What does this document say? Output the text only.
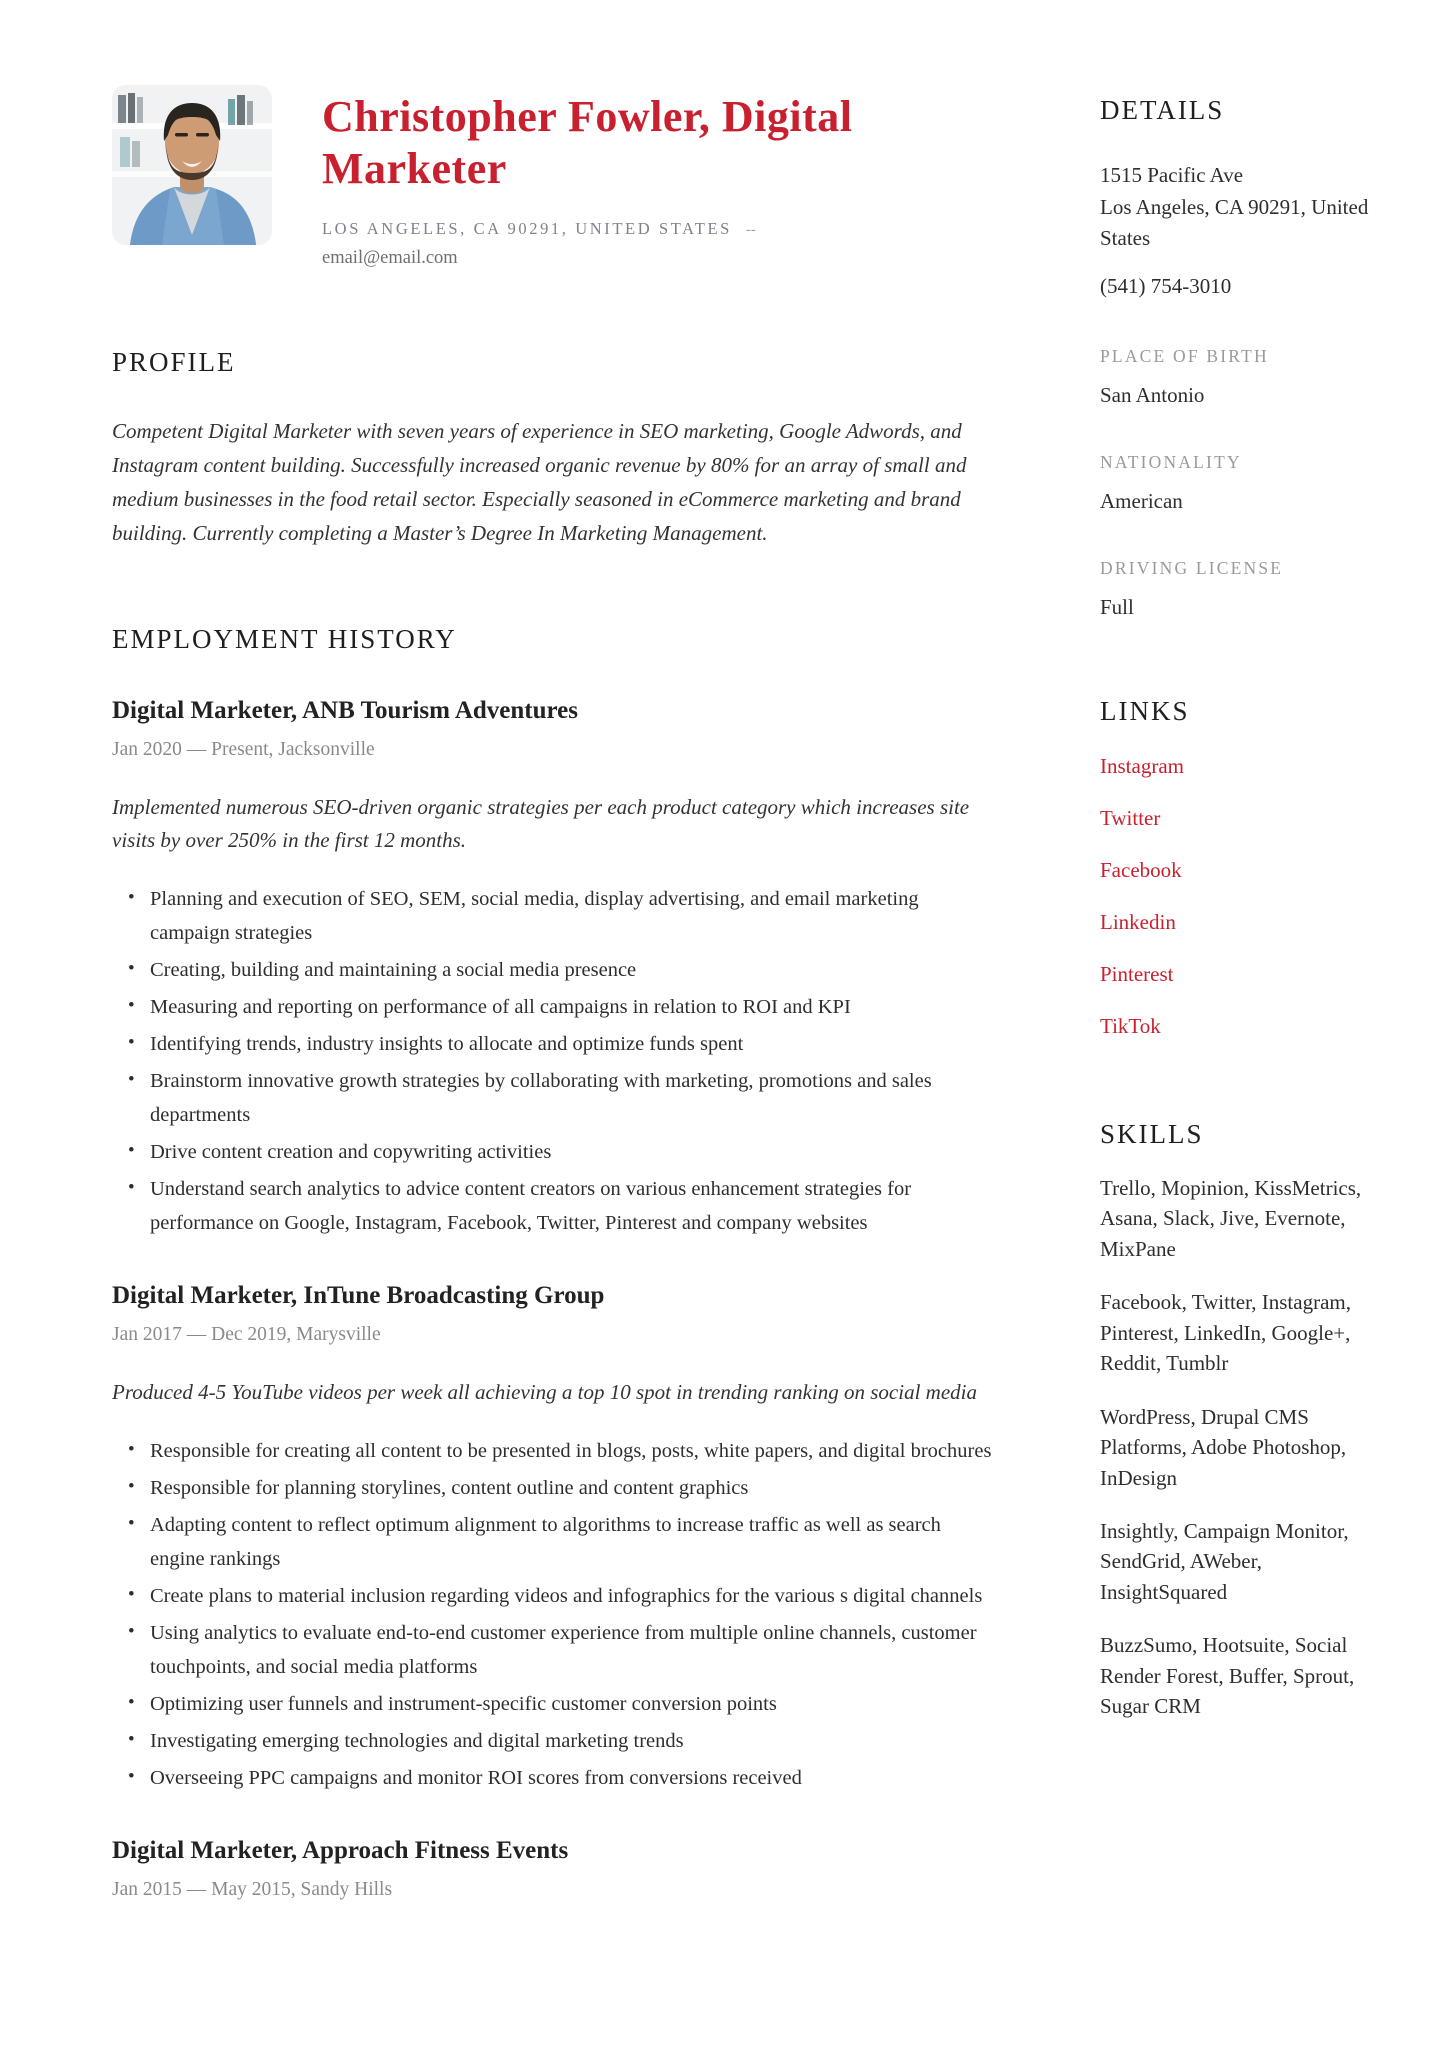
Christopher Fowler, Digital Marketer
LOS ANGELES, CA 90291, UNITED STATES --
email@email.com
PROFILE

Competent Digital Marketer with seven years of experience in SEO marketing, Google Adwords, and Instagram content building. Successfully increased organic revenue by 80% for an array of small and medium businesses in the food retail sector. Especially seasoned in eCommerce marketing and brand building. Currently completing a Master’s Degree In Marketing Management.

EMPLOYMENT HISTORY
Digital Marketer, ANB Tourism Adventures
Jan 2020 — Present, Jacksonville

Implemented numerous SEO-driven organic strategies per each product category which increases site visits by over 250% in the first 12 months.

• Planning and execution of SEO, SEM, social media, display advertising, and email marketing campaign strategies
• Creating, building and maintaining a social media presence
• Measuring and reporting on performance of all campaigns in relation to ROI and KPI
• Identifying trends, industry insights to allocate and optimize funds spent
• Brainstorm innovative growth strategies by collaborating with marketing, promotions and sales departments
• Drive content creation and copywriting activities
• Understand search analytics to advice content creators on various enhancement strategies for performance on Google, Instagram, Facebook, Twitter, Pinterest and company websites
Digital Marketer, InTune Broadcasting Group
Jan 2017 — Dec 2019, Marysville

Produced 4-5 YouTube videos per week all achieving a top 10 spot in trending ranking on social media

• Responsible for creating all content to be presented in blogs, posts, white papers, and digital brochures
• Responsible for planning storylines, content outline and content graphics
• Adapting content to reflect optimum alignment to algorithms to increase traffic as well as search engine rankings
• Create plans to material inclusion regarding videos and infographics for the various s digital channels
• Using analytics to evaluate end-to-end customer experience from multiple online channels, customer touchpoints, and social media platforms
• Optimizing user funnels and instrument-specific customer conversion points
• Investigating emerging technologies and digital marketing trends
• Overseeing PPC campaigns and monitor ROI scores from conversions received
Digital Marketer, Approach Fitness Events
Jan 2015 — May 2015, Sandy Hills
DETAILS
1515 Pacific Ave
Los Angeles, CA 90291, United States
(541) 754-3010
PLACE OF BIRTH
San Antonio
NATIONALITY
American
DRIVING LICENSE
Full
LINKS
Instagram
Twitter
Facebook
Linkedin
Pinterest
TikTok
SKILLS
Trello, Mopinion, KissMetrics, Asana, Slack, Jive, Evernote, MixPane
Facebook, Twitter, Instagram, Pinterest, LinkedIn, Google+, Reddit, Tumblr
WordPress, Drupal CMS Platforms, Adobe Photoshop, InDesign
Insightly, Campaign Monitor, SendGrid, AWeber, InsightSquared
BuzzSumo, Hootsuite, Social Render Forest, Buffer, Sprout, Sugar CRM
